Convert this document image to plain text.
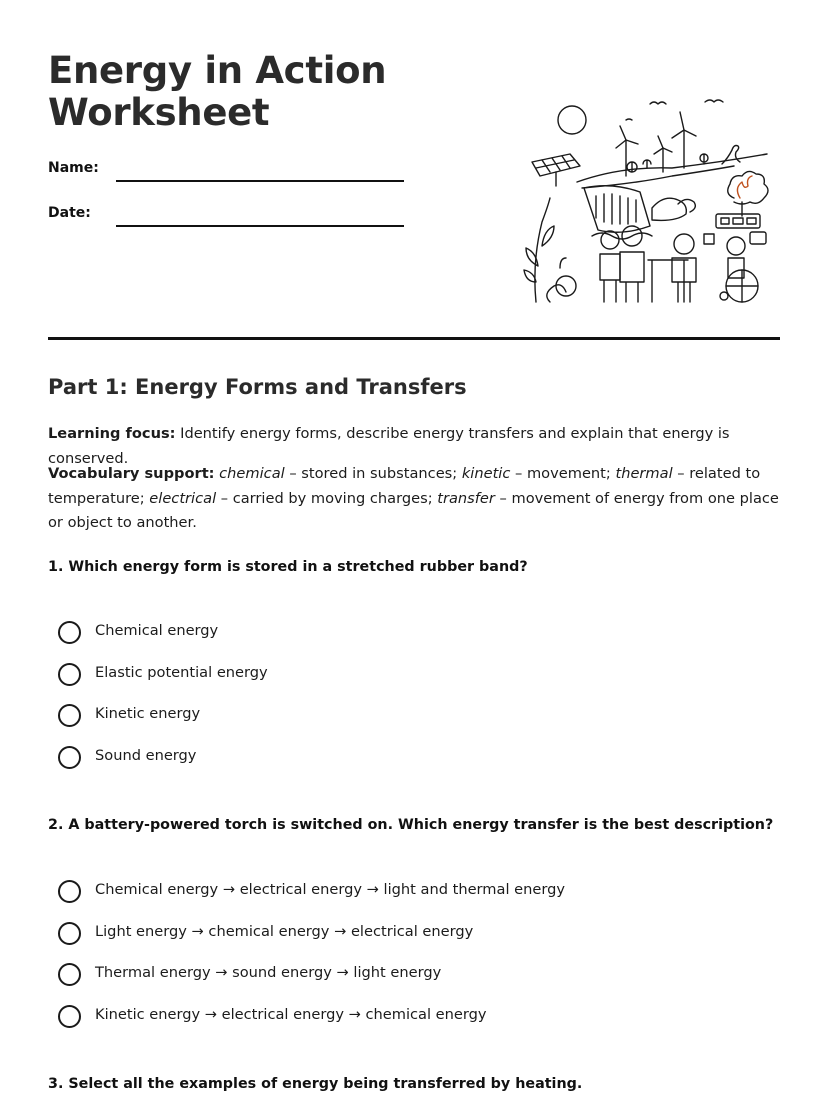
Energy in Action
Worksheet
Name:
Date:
Part 1: Energy Forms and Transfers

Learning focus: Identify energy forms, describe energy transfers and explain that energy is conserved.

Vocabulary support: chemical – stored in substances; kinetic – movement; thermal – related to temperature; electrical – carried by moving charges; transfer – movement of energy from one place or object to another.

1. Which energy form is stored in a stretched rubber band?

Chemical energy
Elastic potential energy
Kinetic energy
Sound energy

2. A battery-powered torch is switched on. Which energy transfer is the best description?

Chemical energy → electrical energy → light and thermal energy
Light energy → chemical energy → electrical energy
Thermal energy → sound energy → light energy
Kinetic energy → electrical energy → chemical energy

3. Select all the examples of energy being transferred by heating.
